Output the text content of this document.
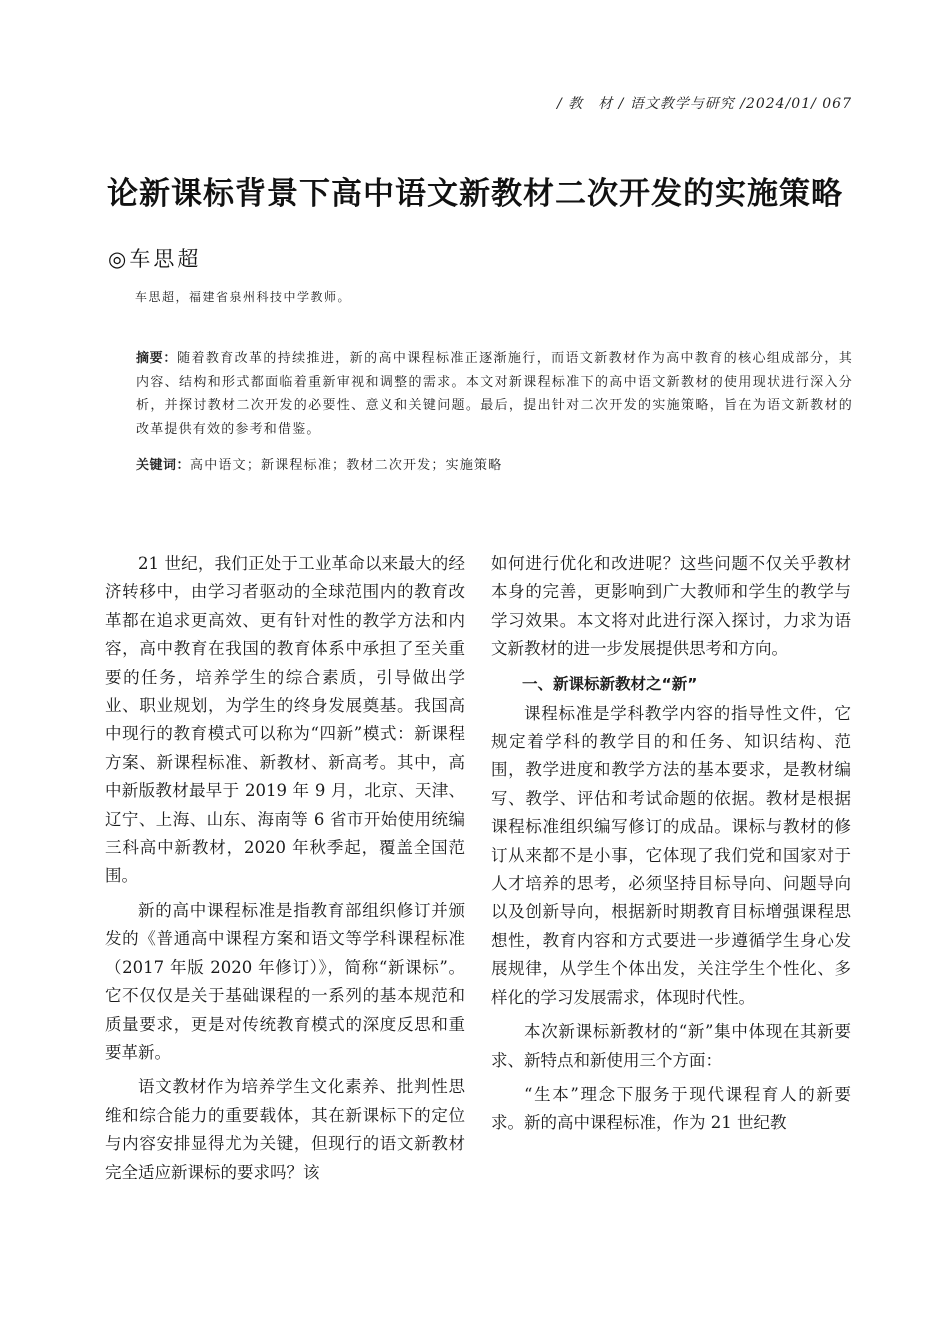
/ 教　材 / 语文教学与研究 /2024/01/ 067
论新课标背景下高中语文新教材二次开发的实施策略
◎车思超
车思超，福建省泉州科技中学教师。

摘要：随着教育改革的持续推进，新的高中课程标准正逐渐施行，而语文新教材作为高中教育的核心组成部分，其内容、结构和形式都面临着重新审视和调整的需求。本文对新课程标准下的高中语文新教材的使用现状进行深入分析，并探讨教材二次开发的必要性、意义和关键问题。最后，提出针对二次开发的实施策略，旨在为语文新教材的改革提供有效的参考和借鉴。

关键词：高中语文；新课程标准；教材二次开发；实施策略

21 世纪，我们正处于工业革命以来最大的经济转移中，由学习者驱动的全球范围内的教育改革都在追求更高效、更有针对性的教学方法和内容，高中教育在我国的教育体系中承担了至关重要的任务，培养学生的综合素质，引导做出学业、职业规划，为学生的终身发展奠基。我国高中现行的教育模式可以称为“四新”模式：新课程方案、新课程标准、新教材、新高考。其中，高中新版教材最早于 2019 年 9 月，北京、天津、辽宁、上海、山东、海南等 6 省市开始使用统编三科高中新教材，2020 年秋季起，覆盖全国范围。

新的高中课程标准是指教育部组织修订并颁发的《普通高中课程方案和语文等学科课程标准（2017 年版 2020 年修订）》，简称“新课标”。它不仅仅是关于基础课程的一系列的基本规范和质量要求，更是对传统教育模式的深度反思和重要革新。

语文教材作为培养学生文化素养、批判性思维和综合能力的重要载体，其在新课标下的定位与内容安排显得尤为关键，但现行的语文新教材完全适应新课标的要求吗？该

如何进行优化和改进呢？这些问题不仅关乎教材本身的完善，更影响到广大教师和学生的教学与学习效果。本文将对此进行深入探讨，力求为语文新教材的进一步发展提供思考和方向。

一、新课标新教材之“新”

课程标准是学科教学内容的指导性文件，它规定着学科的教学目的和任务、知识结构、范围，教学进度和教学方法的基本要求，是教材编写、教学、评估和考试命题的依据。教材是根据课程标准组织编写修订的成品。课标与教材的修订从来都不是小事，它体现了我们党和国家对于人才培养的思考，必须坚持目标导向、问题导向以及创新导向，根据新时期教育目标增强课程思想性，教育内容和方式要进一步遵循学生身心发展规律，从学生个体出发，关注学生个性化、多样化的学习发展需求，体现时代性。

本次新课标新教材的“新”集中体现在其新要求、新特点和新使用三个方面：

“生本”理念下服务于现代课程育人的新要求。新的高中课程标准，作为 21 世纪教
